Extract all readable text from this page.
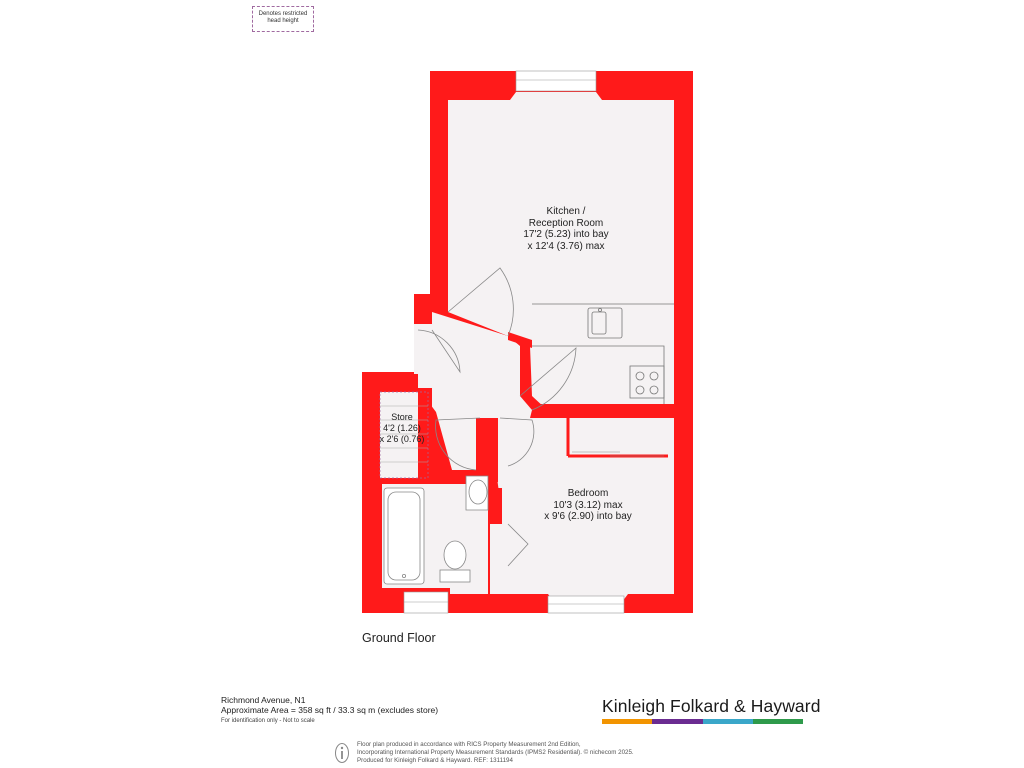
Denotes restricted
head height
Kitchen /
Reception Room
17'2 (5.23) into bay
x 12'4 (3.76) max
Store
4'2 (1.26)
x 2'6 (0.76)
Bedroom
10'3 (3.12) max
x 9'6 (2.90) into bay
Ground Floor
Richmond Avenue, N1
Approximate Area = 358 sq ft / 33.3 sq m (excludes store)
For identification only - Not to scale
Kinleigh Folkard & Hayward
Floor plan produced in accordance with RICS Property Measurement 2nd Edition,
Incorporating International Property Measurement Standards (IPMS2 Residential). © nichecom 2025.
Produced for Kinleigh Folkard & Hayward. REF: 1311194
